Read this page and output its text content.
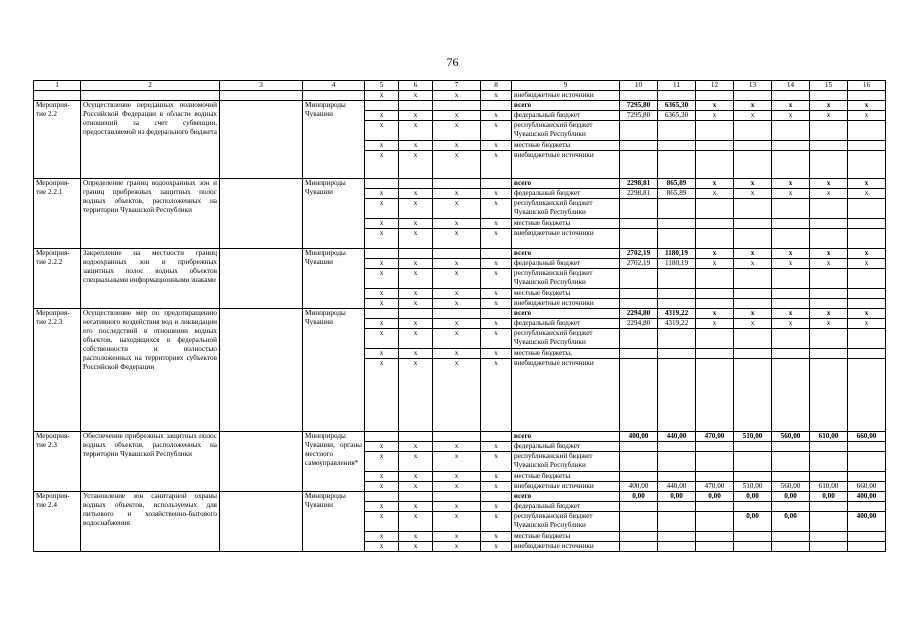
76
1	2	3	4	5	6	7	8	9	10	11	12	13	14	15	16
				x	x	x	x	внебюджетные источники							
Мероприя-тие 2.2	Осуществление переданных полномочий Российской Федерации в области водных отношений за счет субвенции, предоставляемой из федерального бюджета		Минприроды Чувашии					всего	7295,80	6365,30	x	x	x	x	x
				x	x	x	x	федеральный бюджет	7295,80	6365,30	x	x	x	x	x
				x	x	x	x	республиканский бюджет Чувашской Республики							
				x	x	x	x	местные бюджеты							
				x	x	x	x	внебюджетные источники							
Мероприя-тие 2.2.1	Определение границ водоохранных зон и границ прибрежных защитных полос водных объектов, расположенных на территории Чувашской Республики		Минприроды Чувашии					всего	2298,81	865,89	x	x	x	x	x
				x	x	x	x	федеральный бюджет	2298,81	865,89	x	x	x	x	x
				x	x	x	x	республиканский бюджет Чувашской Республики							
				x	x	x	x	местные бюджеты							
				x	x	x	x	внебюджетные источники							
Мероприя-тие 2.2.2	Закрепление на местности границ водоохранных зон и прибрежных защитных полос водных объектов специальными информационными знаками		Минприроды Чувашии					всего	2702,19	1180,19	x	x	x	x	x
				x	x	x	x	федеральный бюджет	2702,19	1180,19	x	x	x	x	x
				x	x	x	x	республиканский бюджет Чувашской Республики							
				x	x	x	x	местные бюджеты							
				x	x	x	x	внебюджетные источники							
Мероприя-тие 2.2.3	Осуществление мер по предотвращению негативного воздействия вод и ликвидации его последствий в отношении водных объектов, находящихся в федеральной собственности и полностью расположенных на территориях субъектов Российской Федерации		Минприроды Чувашии					всего	2294,80	4319,22	x	x	x	x	x
				x	x	x	x	федеральный бюджет	2294,80	4319,22	x	x	x	x	x
				x	x	x	x	республиканский бюджет Чувашской Республики							
				x	x	x	x	местные бюджеты,							
				x	x	x	x	внебюджетные источники							
Мероприя-тие 2.3	Обеспечение прибрежных защитных полос водных объектов, расположенных на территории Чувашской Республики		Минприроды Чувашии, органы местного самоуправления*					всего	400,00	440,00	470,00	510,00	560,00	610,00	660,00
				x	x	x	x	федеральный бюджет							
				x	x	x	x	республиканский бюджет Чувашской Республики							
				x	x	x	x	местные бюджеты							
				x	x	x	x	внебюджетные источники	400,00	440,00	470,00	510,00	560,00	610,00	660,00
Мероприя-тие 2.4	Установление зон санитарной охраны водных объектов, используемых для питьевого и хозяйственно-бытового водоснабжения		Минприроды Чувашии					всего	0,00	0,00	0,00	0,00	0,00	0,00	400,00
				x	x	x	x	федеральный бюджет							
				x	x	x	x	республиканский бюджет Чувашской Республики				0,00	0,00		400,00
				x	x	x	x	местные бюджеты							
				x	x	x	x	внебюджетные источники							
